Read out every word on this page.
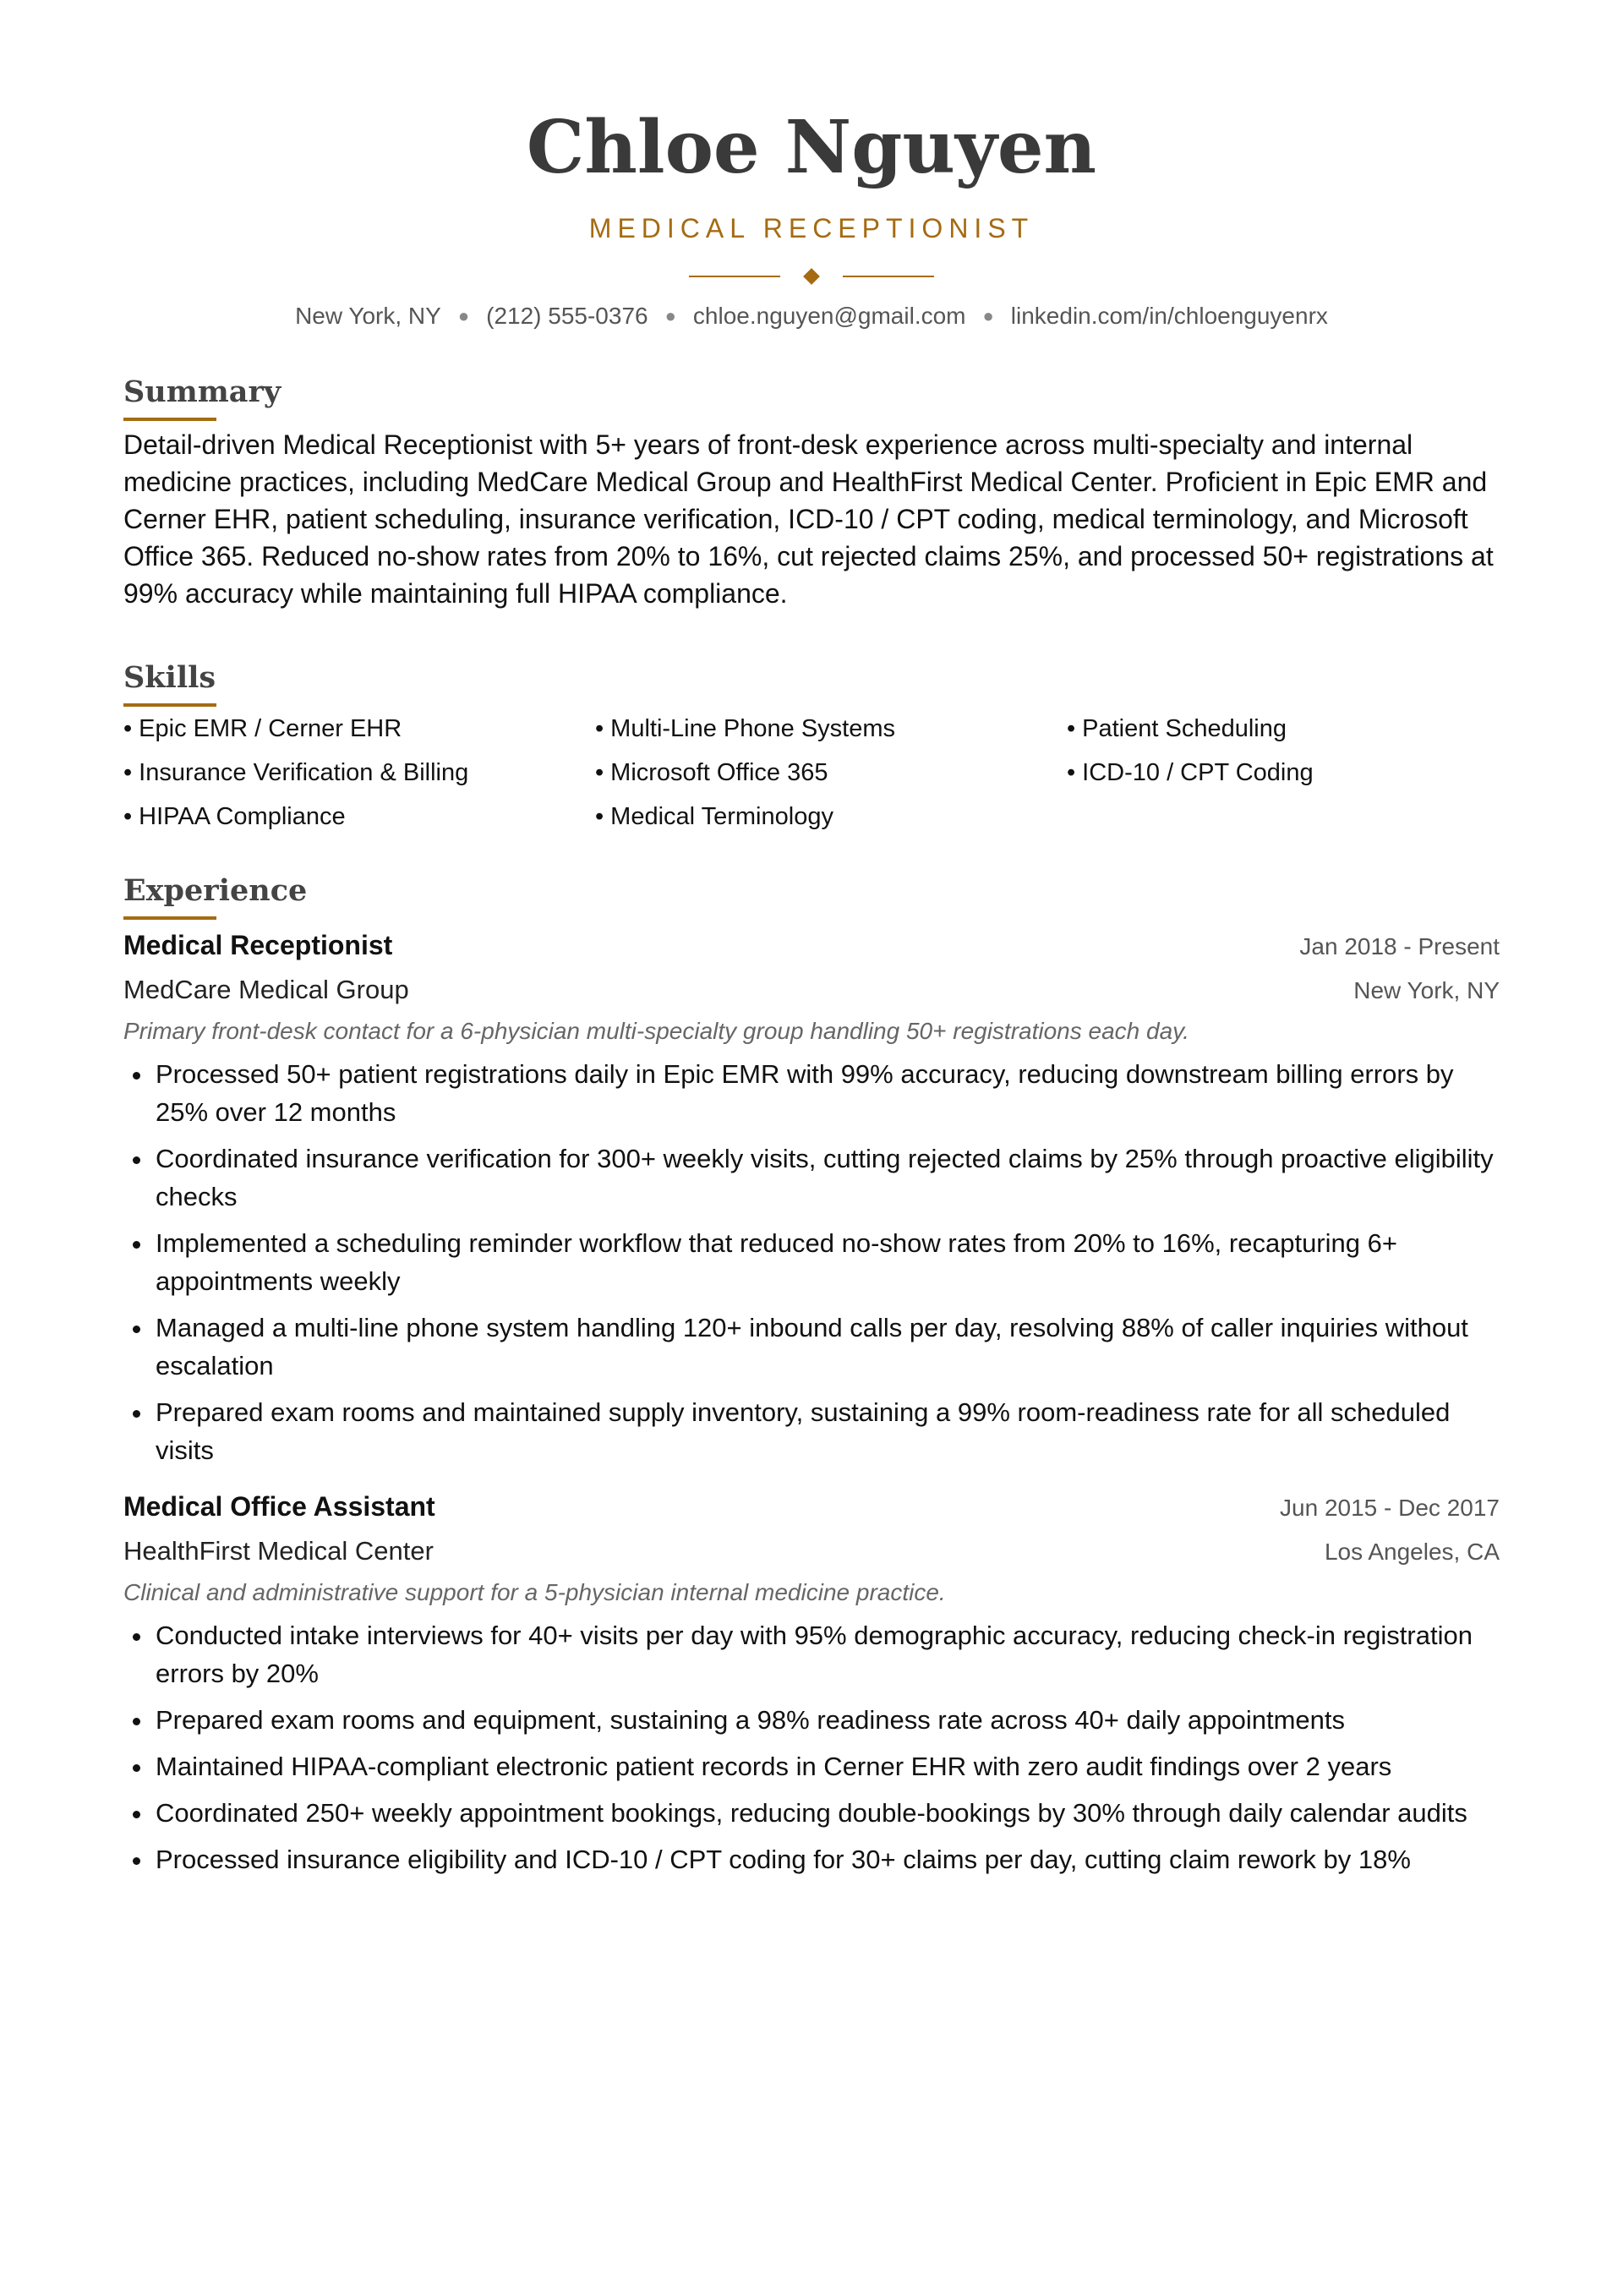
Chloe Nguyen
MEDICAL RECEPTIONIST
New York, NY ● (212) 555-0376 ● chloe.nguyen@gmail.com ● linkedin.com/in/chloenguyenrx
Summary

Detail-driven Medical Receptionist with 5+ years of front-desk experience across multi-specialty and internal medicine practices, including MedCare Medical Group and HealthFirst Medical Center. Proficient in Epic EMR and Cerner EHR, patient scheduling, insurance verification, ICD-10 / CPT coding, medical terminology, and Microsoft Office 365. Reduced no-show rates from 20% to 16%, cut rejected claims 25%, and processed 50+ registrations at 99% accuracy while maintaining full HIPAA compliance.

Skills
• Epic EMR / Cerner EHR	• Multi-Line Phone Systems	• Patient Scheduling
• Insurance Verification & Billing	• Microsoft Office 365	• ICD-10 / CPT Coding
• HIPAA Compliance	• Medical Terminology
Experience
Medical Receptionist	Jan 2018 - Present
MedCare Medical Group	New York, NY
Primary front-desk contact for a 6-physician multi-specialty group handling 50+ registrations each day.
• Processed 50+ patient registrations daily in Epic EMR with 99% accuracy, reducing downstream billing errors by 25% over 12 months
• Coordinated insurance verification for 300+ weekly visits, cutting rejected claims by 25% through proactive eligibility checks
• Implemented a scheduling reminder workflow that reduced no-show rates from 20% to 16%, recapturing 6+ appointments weekly
• Managed a multi-line phone system handling 120+ inbound calls per day, resolving 88% of caller inquiries without escalation
• Prepared exam rooms and maintained supply inventory, sustaining a 99% room-readiness rate for all scheduled visits
Medical Office Assistant	Jun 2015 - Dec 2017
HealthFirst Medical Center	Los Angeles, CA
Clinical and administrative support for a 5-physician internal medicine practice.
• Conducted intake interviews for 40+ visits per day with 95% demographic accuracy, reducing check-in registration errors by 20%
• Prepared exam rooms and equipment, sustaining a 98% readiness rate across 40+ daily appointments
• Maintained HIPAA-compliant electronic patient records in Cerner EHR with zero audit findings over 2 years
• Coordinated 250+ weekly appointment bookings, reducing double-bookings by 30% through daily calendar audits
• Processed insurance eligibility and ICD-10 / CPT coding for 30+ claims per day, cutting claim rework by 18%
